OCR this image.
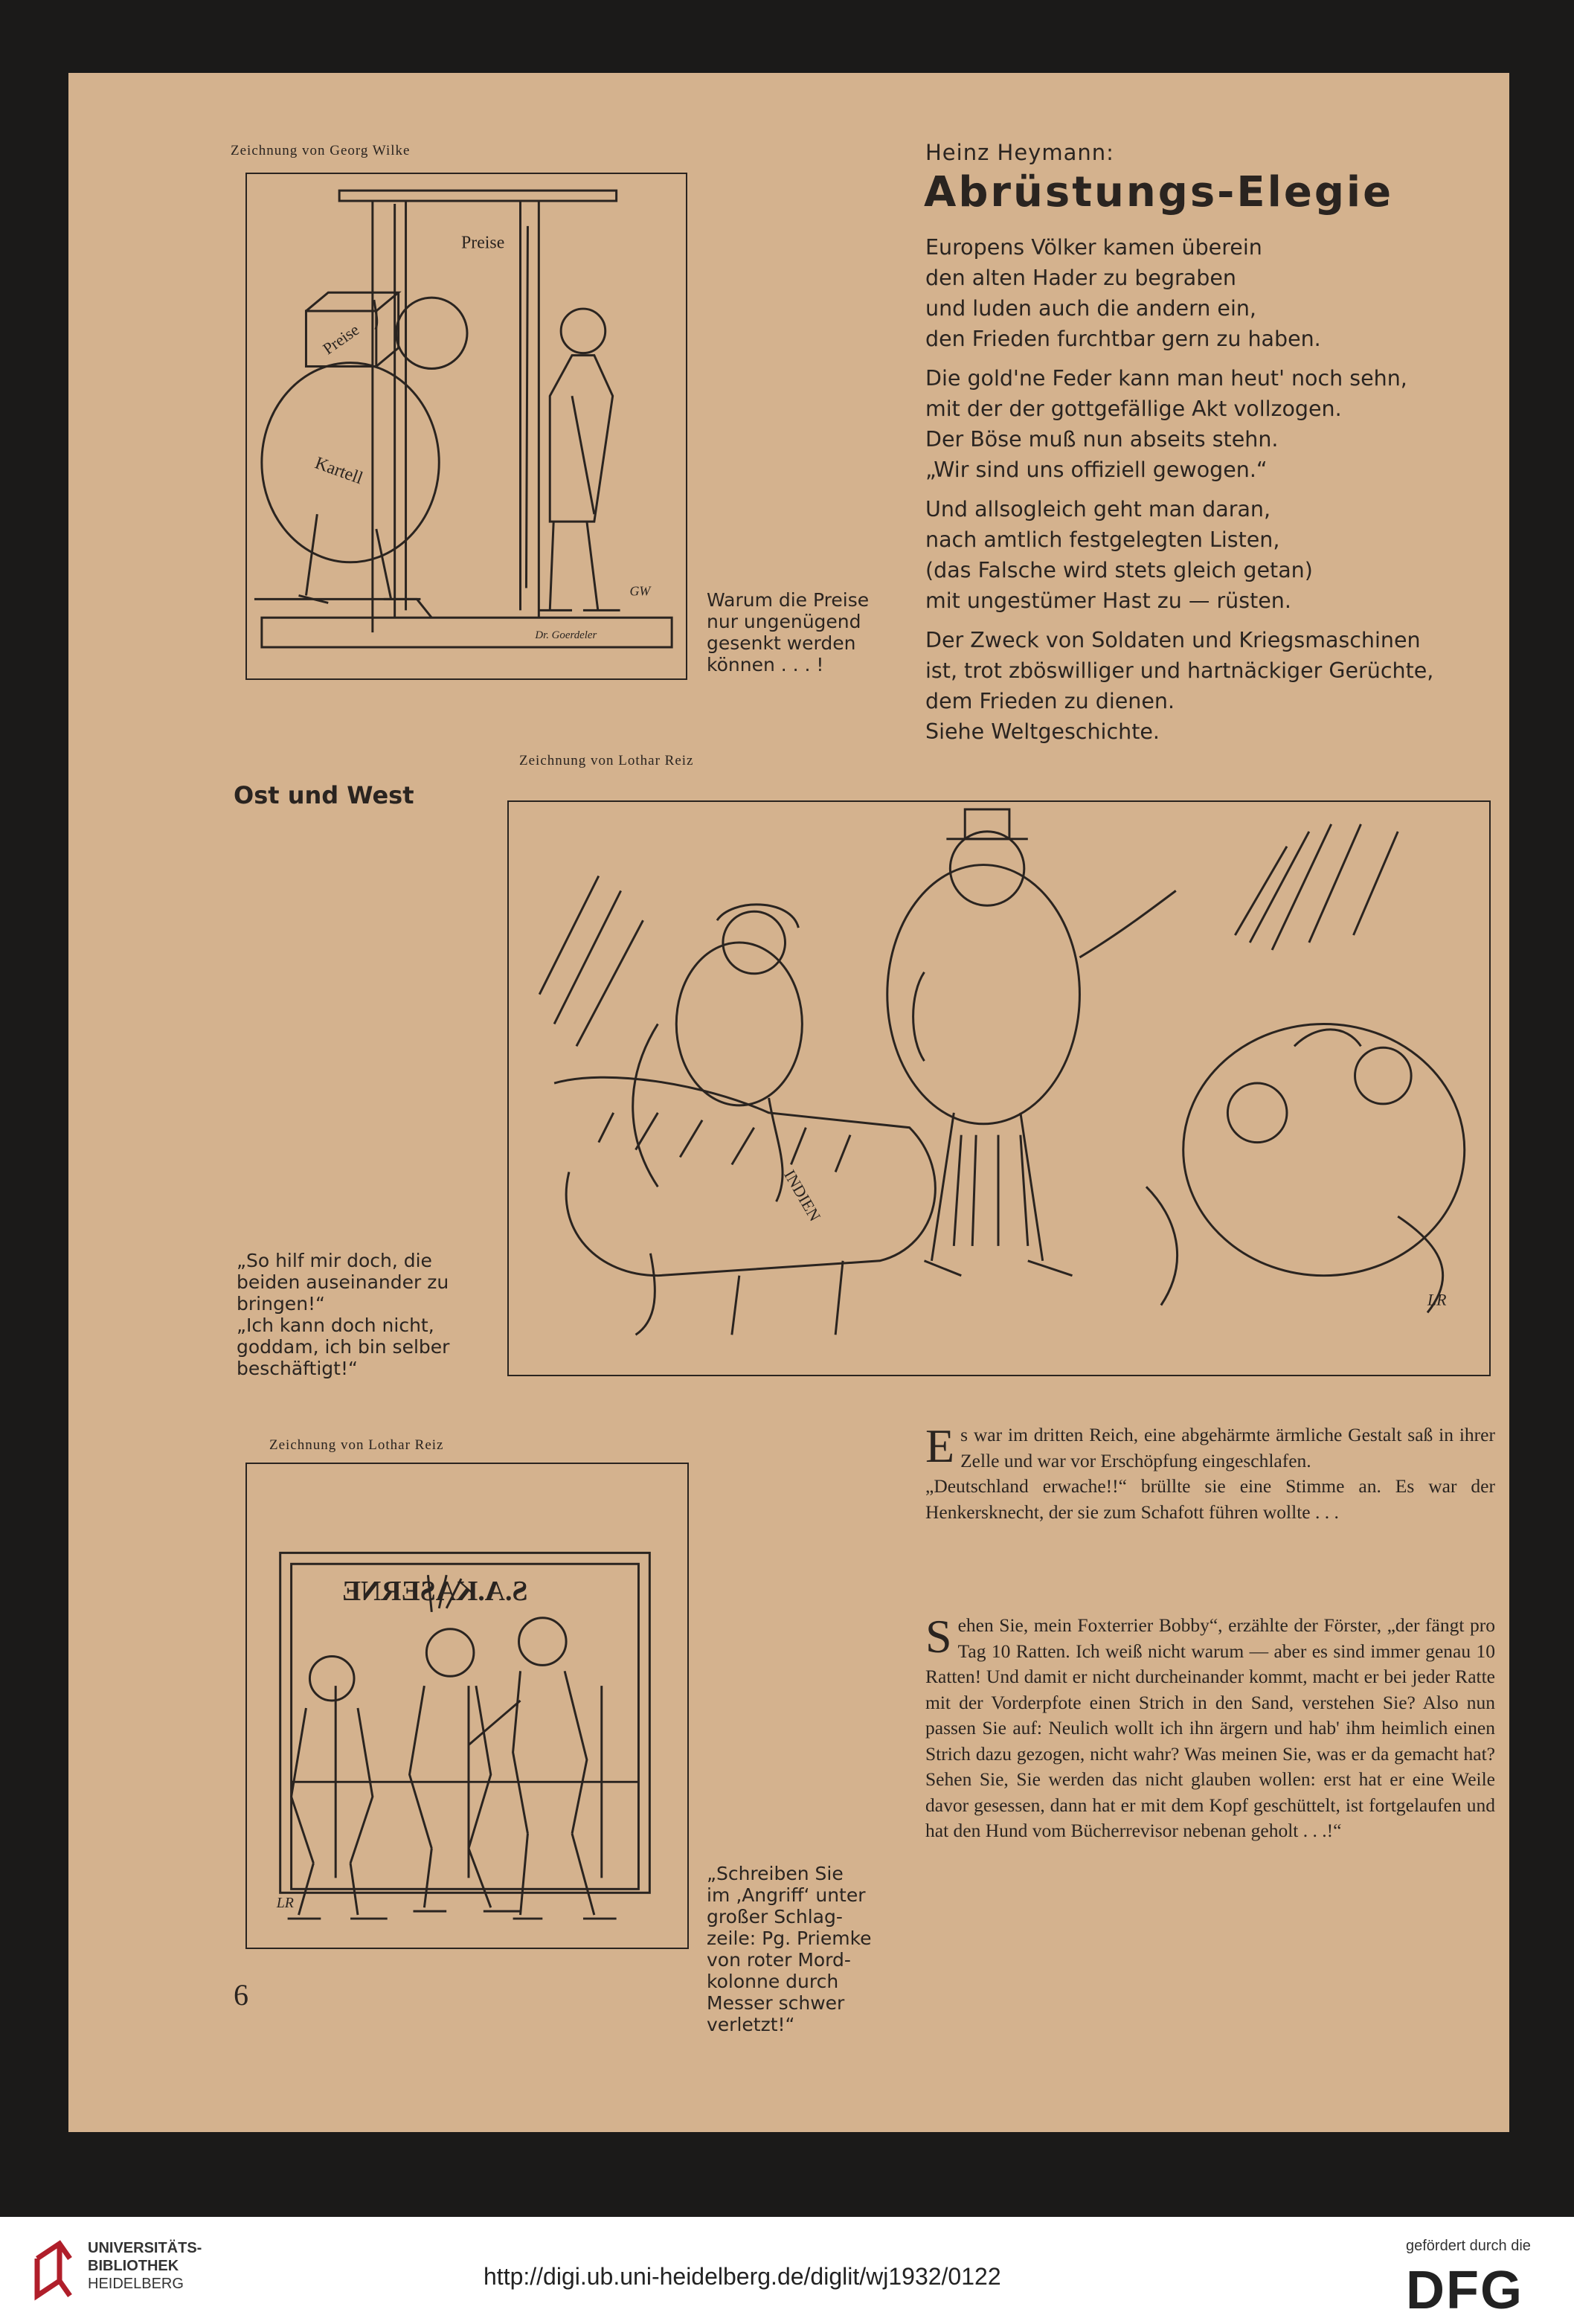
Zeichnung von Georg Wilke
Preise
Kartell
Preise
Dr. Goerdeler
GW	Warum die Preise
nur ungenügend
gesenkt werden
können . . . !
Heinz Heymann:
Abrüstungs-Elegie
Europens Völker kamen überein
den alten Hader zu begraben
und luden auch die andern ein,
den Frieden furchtbar gern zu haben.
Die gold'ne Feder kann man heut' noch sehn,
mit der der gottgefällige Akt vollzogen.
Der Böse muß nun abseits stehn.
„Wir sind uns offiziell gewogen.“
Und allsogleich geht man daran,
nach amtlich festgelegten Listen,
(das Falsche wird stets gleich getan)
mit ungestümer Hast zu — rüsten.
Der Zweck von Soldaten und Kriegsmaschinen
ist, trot zböswilliger und hartnäckiger Gerüchte,
dem Frieden zu dienen.
Siehe Weltgeschichte.
Zeichnung von Lothar Reiz
Ost und West
INDIEN
LR
„So hilf mir doch, die
beiden auseinander zu
bringen!“
„Ich kann doch nicht,
goddam, ich bin selber
beschäftigt!“
Zeichnung von Lothar Reiz
S.A.KASERNE
LR
„Schreiben Sie
im ‚Angriff‘ unter
großer Schlag-
zeile: Pg. Priemke
von roter Mord-
kolonne durch
Messer schwer
verletzt!“

E s war im dritten Reich, eine abgehärmte ärmliche Gestalt saß in ihrer Zelle und war vor Erschöpfung eingeschlafen.

„Deutschland erwache!!“ brüllte sie eine Stimme an. Es war der Henkersknecht, der sie zum Schafott führen wollte . . .

S ehen Sie, mein Foxterrier Bobby“, erzählte der Förster, „der fängt pro Tag 10 Ratten. Ich weiß nicht warum — aber es sind immer genau 10 Ratten! Und damit er nicht durcheinander kommt, macht er bei jeder Ratte mit der Vorderpfote einen Strich in den Sand, verstehen Sie? Also nun passen Sie auf: Neulich wollt ich ihn ärgern und hab' ihm heimlich einen Strich dazu gezogen, nicht wahr? Was meinen Sie, was er da gemacht hat? Sehen Sie, Sie werden das nicht glauben wollen: erst hat er eine Weile davor gesessen, dann hat er mit dem Kopf geschüttelt, ist fortgelaufen und hat den Hund vom Bücherrevisor nebenan geholt . . .!“

6
UNIVERSITÄTS-
BIBLIOTHEK
HEIDELBERG	http://digi.ub.uni-heidelberg.de/diglit/wj1932/0122
gefördert durch die
DFG
